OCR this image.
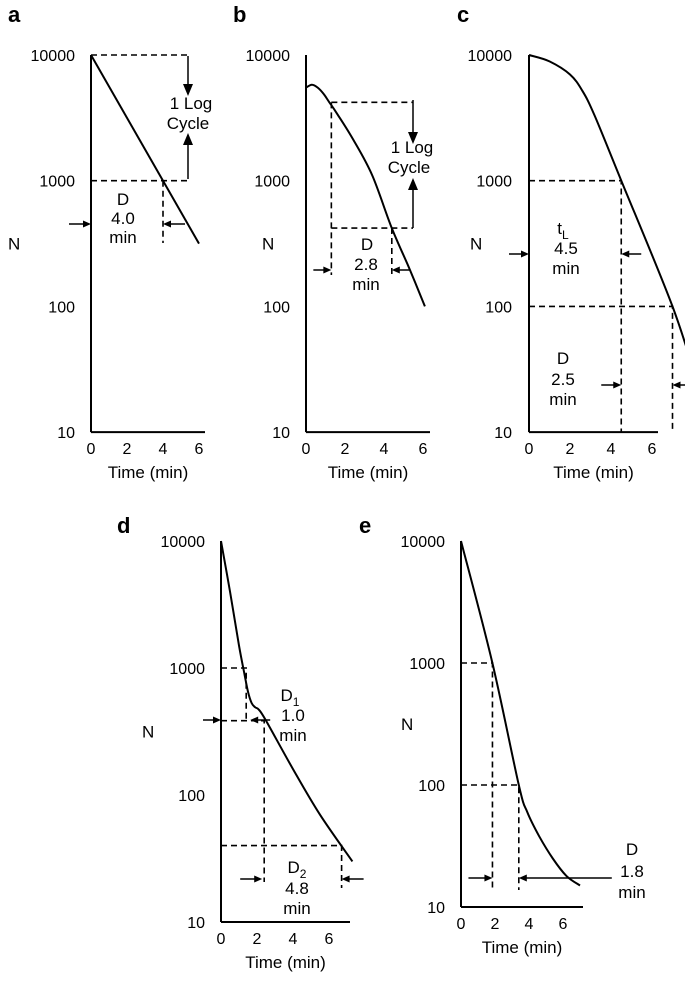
a
10
100
1000
10000
0 2 4 6
Time (min)
N
1 Log
Cycle
D
4.0
min
b
10
100
1000
10000
0 2 4 6
Time (min)
N
1 Log
Cycle
D
2.8
min
c
10
100
1000
10000
0 2 4 6
Time (min)
N
$t_L$
4.5
min
D
2.5
min
d
10
100
1000
10000
0 2 4 6
Time (min)
N
$D_1$
1.0
min
$D_2$
4.8
min
e
10
100
1000
10000
0 2 4 6
Time (min)
N
D
1.8
min
